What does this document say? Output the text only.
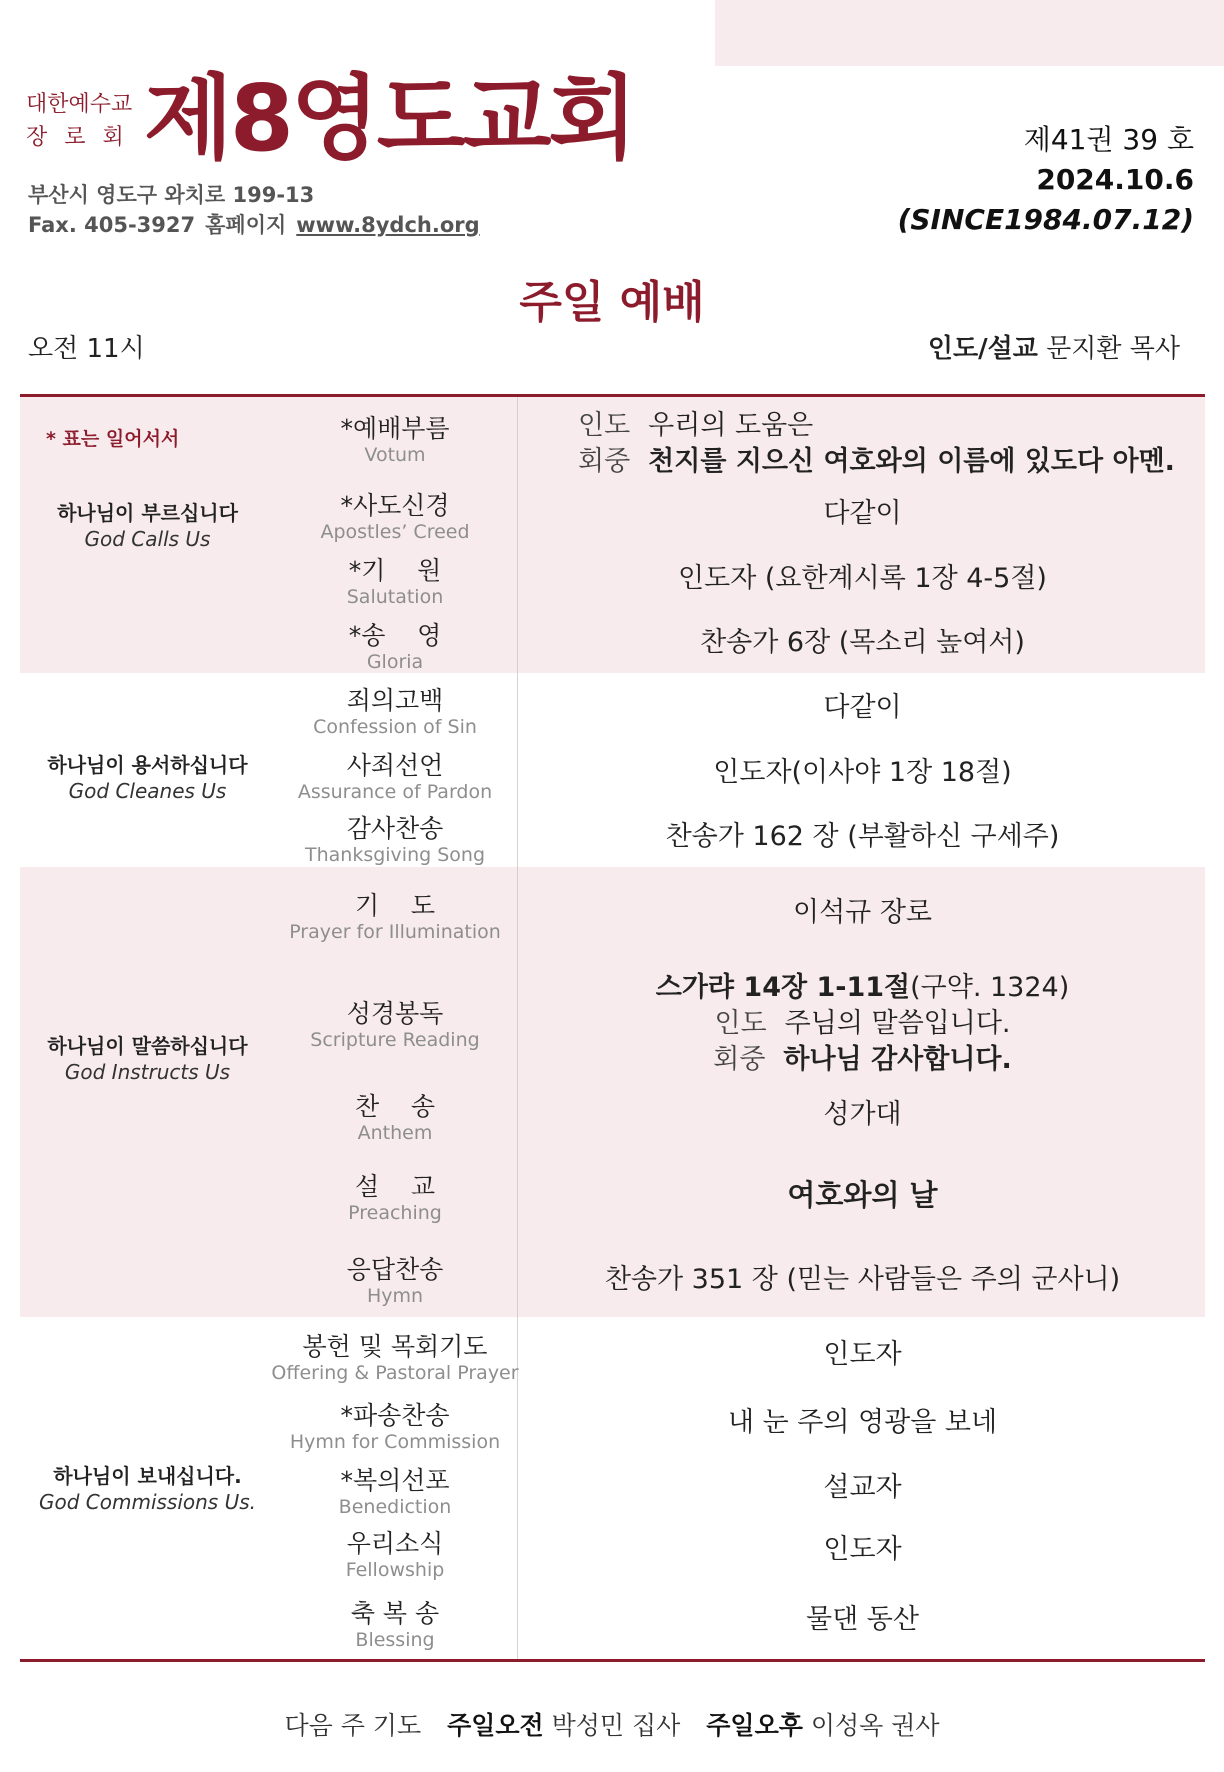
대한예수교
장로회 제8영도교회
부산시 영도구 와치로 199-13
Fax. 405-3927 홈페이지 www.8ydch.org
제41권 39 호
2024.10.6
(SINCE1984.07.12)
주일 예배
오전 11시	인도/설교 문지환 목사
* 표는 일어서서
하나님이 부르십니다
God Calls Us
하나님이 용서하십니다
God Cleanes Us
하나님이 말씀하십니다
God Instructs Us
하나님이 보내십니다.
God Commissions Us.
*예배부름
Votum
*사도신경
Apostles’ Creed
*기    원
Salutation
*송    영
Gloria
죄의고백
Confession of Sin
사죄선언
Assurance of Pardon
감사찬송
Thanksgiving Song
기    도
Prayer for Illumination
성경봉독
Scripture Reading
찬    송
Anthem
설    교
Preaching
응답찬송
Hymn
봉헌 및 목회기도
Offering & Pastoral Prayer
*파송찬송
Hymn for Commission
*복의선포
Benediction
우리소식
Fellowship
축 복 송
Blessing
인도 우리의 도움은
회중 천지를 지으신 여호와의 이름에 있도다 아멘.
다같이
인도자 (요한계시록 1장 4-5절)
찬송가 6장 (목소리 높여서)
다같이
인도자(이사야 1장 18절)
찬송가 162 장 (부활하신 구세주)
이석규 장로
스가랴 14장 1-11절(구약. 1324)
인도 주님의 말씀입니다.
회중 하나님 감사합니다.
성가대
여호와의 날
찬송가 351 장 (믿는 사람들은 주의 군사니)
인도자
내 눈 주의 영광을 보네
설교자
인도자
물댄 동산
다음 주 기도 주일오전 박성민 집사 주일오후 이성옥 권사
